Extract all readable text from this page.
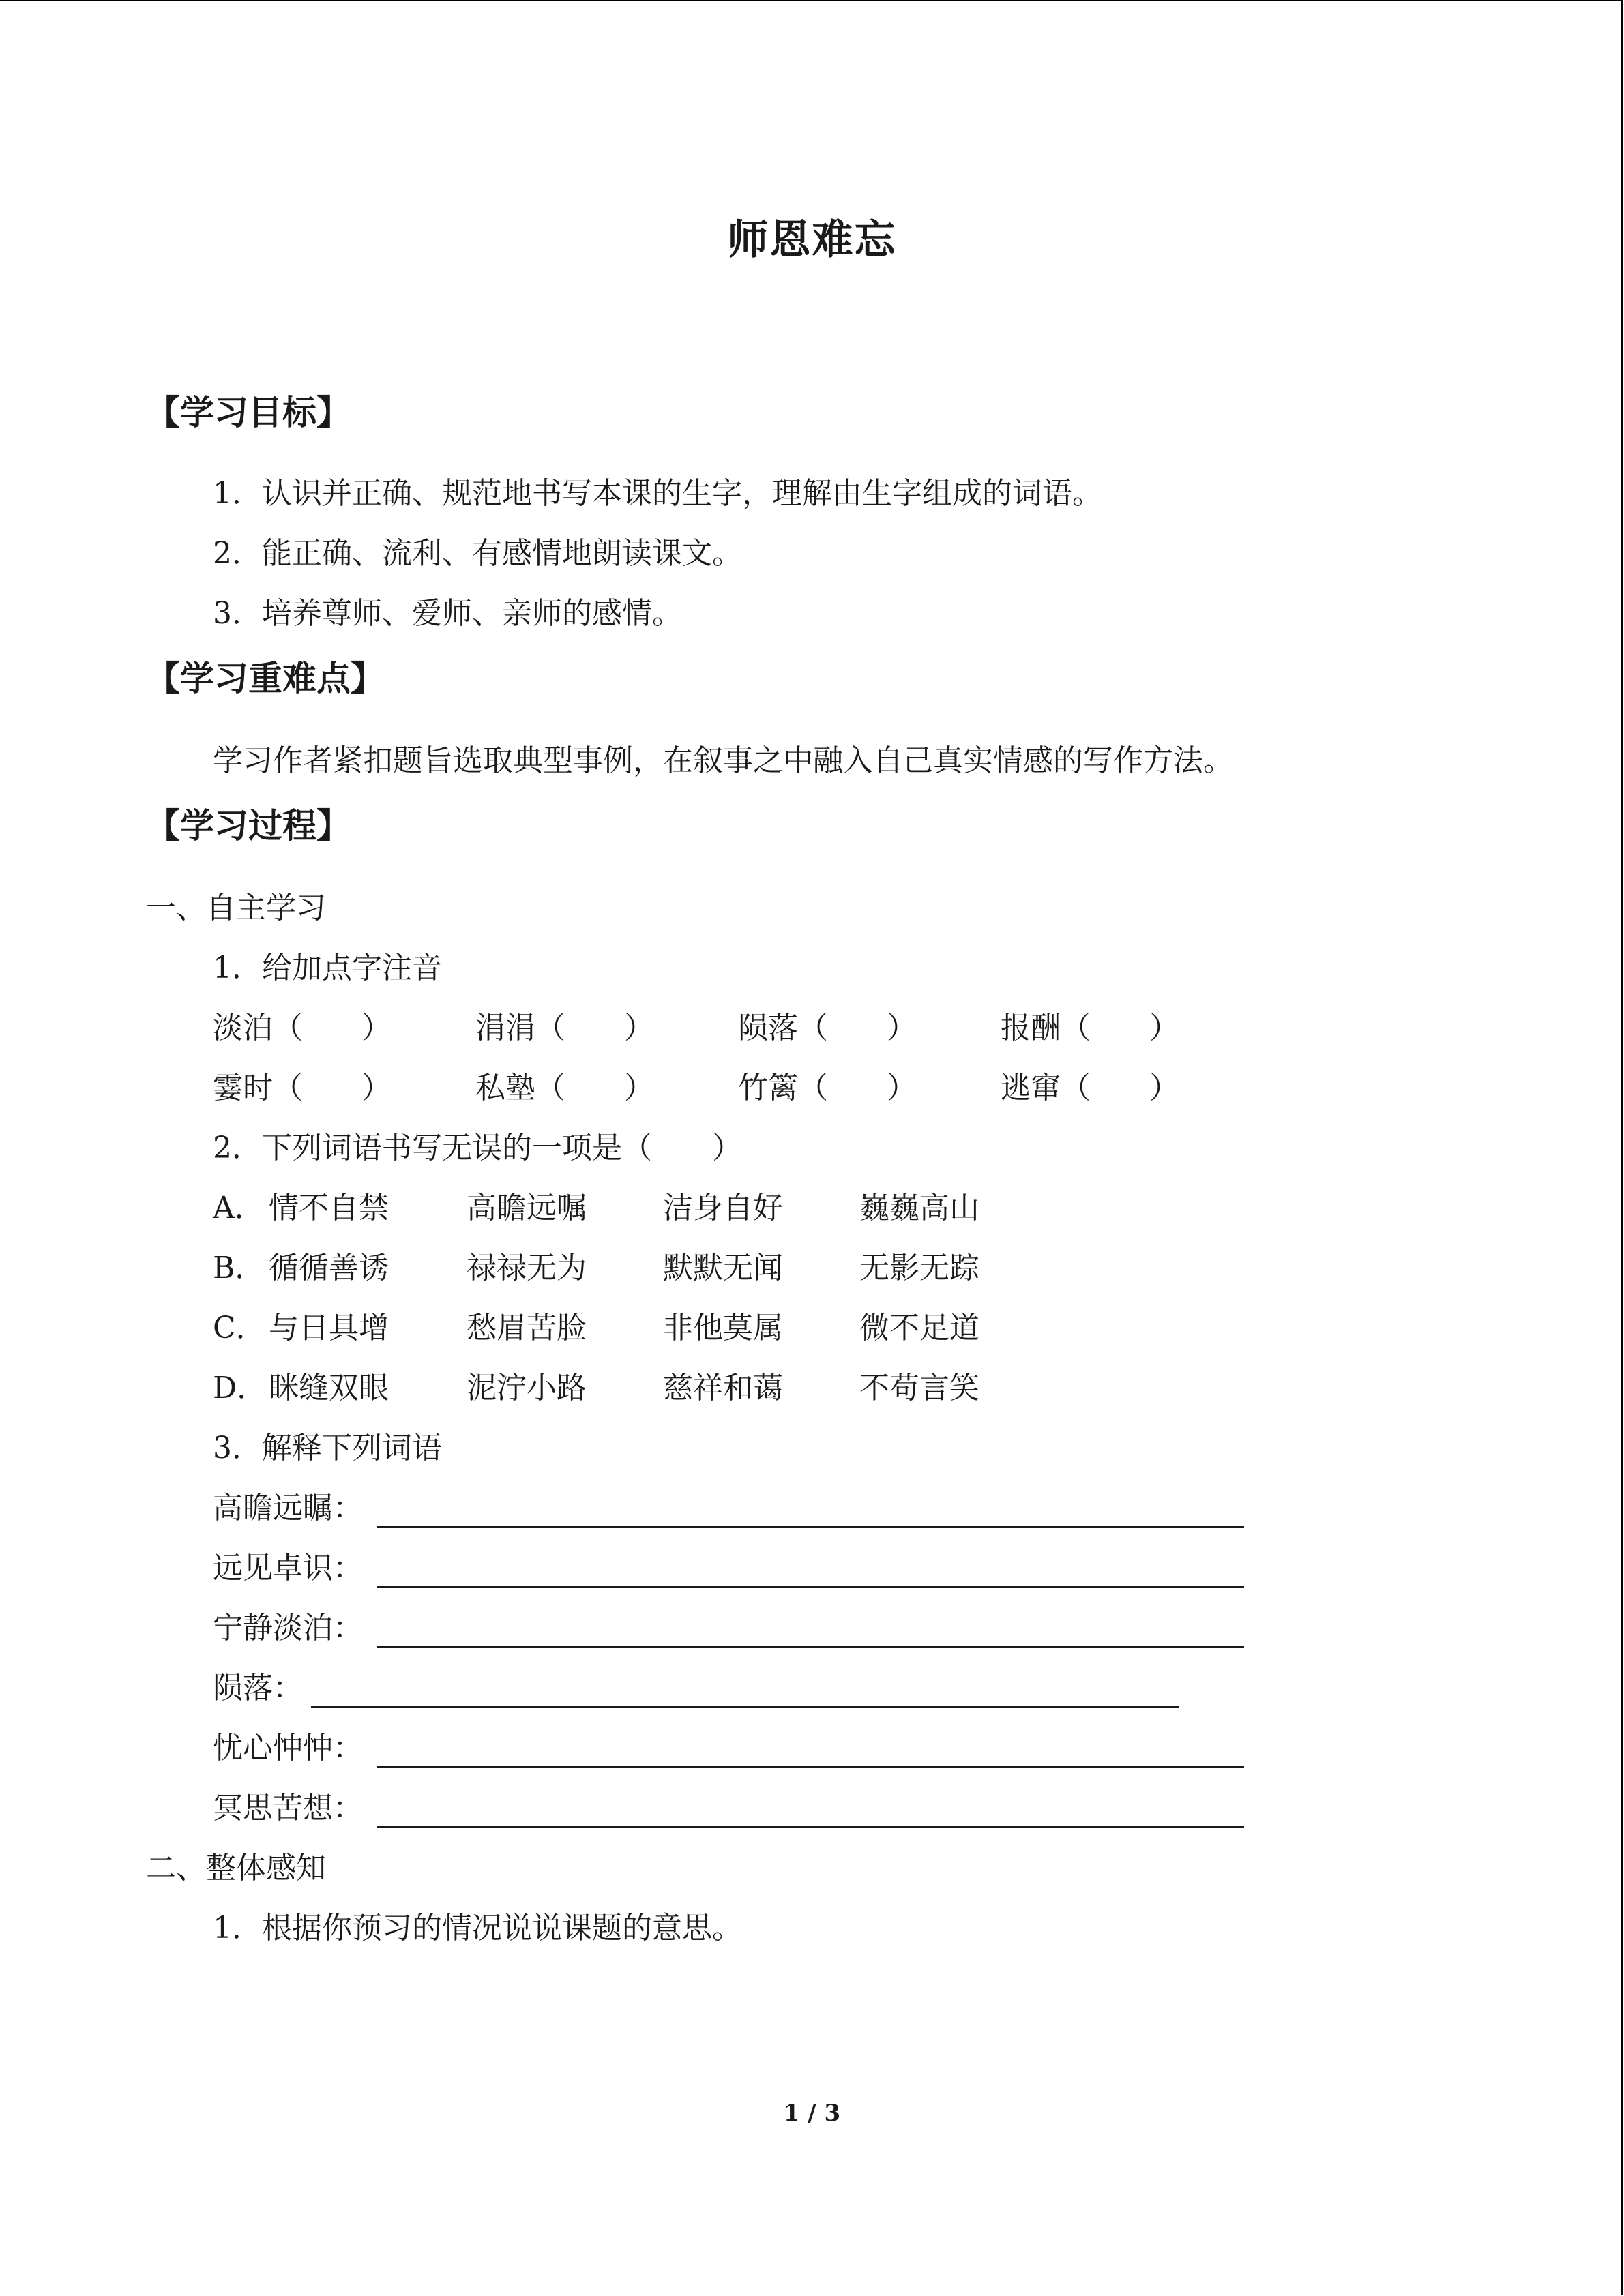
师恩难忘
【学习目标】
1．认识并正确、规范地书写本课的生字，理解由生字组成的词语。
2．能正确、流利、有感情地朗读课文。
3．培养尊师、爱师、亲师的感情。
【学习重难点】
学习作者紧扣题旨选取典型事例，在叙事之中融入自己真实情感的写作方法。
【学习过程】
一、自主学习
1．给加点字注音
淡泊（ ）	涓涓（ ）	陨落（ ）	报酬（ ）
霎时（ ）	私塾（ ）	竹篱（ ）	逃窜（ ）
2．下列词语书写无误的一项是（　　）
A． 情不自禁	高瞻远嘱	洁身自好	巍巍高山
B． 循循善诱	禄禄无为	默默无闻	无影无踪
C． 与日具增	愁眉苦脸	非他莫属	微不足道
D． 眯缝双眼	泥泞小路	慈祥和蔼	不苟言笑
3．解释下列词语
高瞻远瞩：
远见卓识：
宁静淡泊：
陨落：
忧心忡忡：
冥思苦想：
二、整体感知
1．根据你预习的情况说说课题的意思。
1 / 3
